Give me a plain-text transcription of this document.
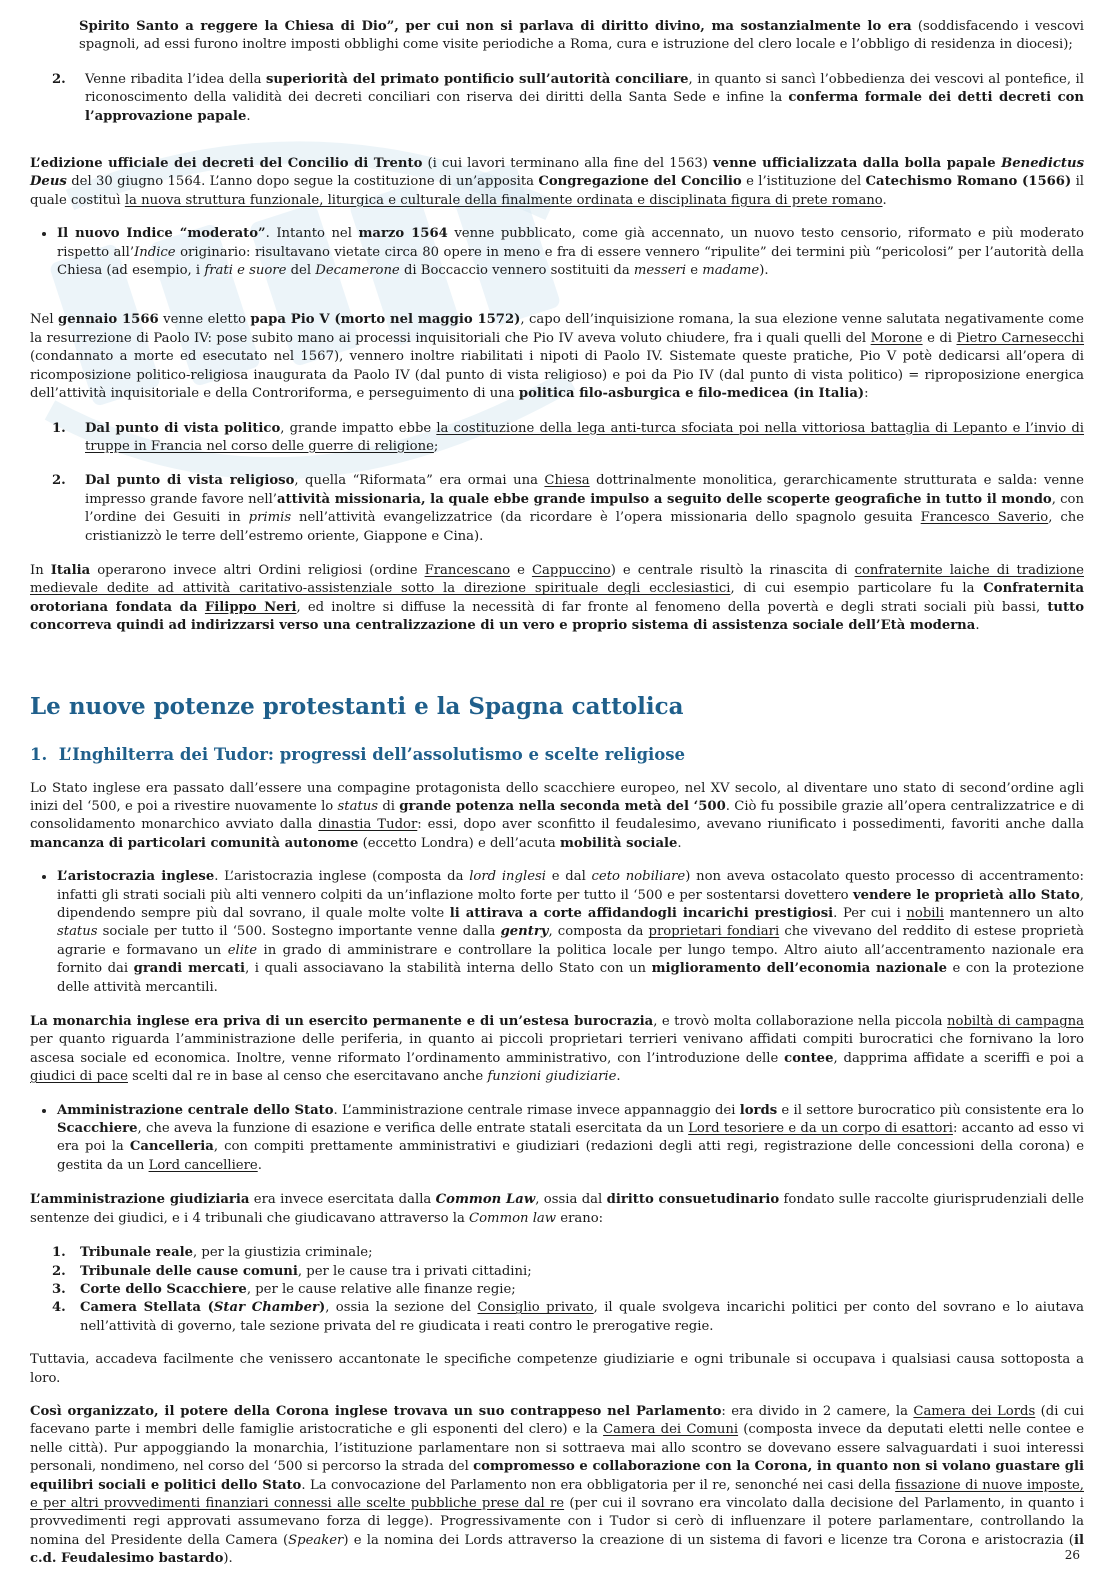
Spirito Santo a reggere la Chiesa di Dio”, per cui non si parlava di diritto divino, ma sostanzialmente lo era (soddisfacendo i vescovi spagnoli, ad essi furono inoltre imposti obblighi come visite periodiche a Roma, cura e istruzione del clero locale e l’obbligo di residenza in diocesi);

2. Venne ribadita l’idea della superiorità del primato pontificio sull’autorità conciliare, in quanto si sancì l’obbedienza dei vescovi al pontefice, il riconoscimento della validità dei decreti conciliari con riserva dei diritti della Santa Sede e infine la conferma formale dei detti decreti con l’approvazione papale.

L’edizione ufficiale dei decreti del Concilio di Trento (i cui lavori terminano alla fine del 1563) venne ufficializzata dalla bolla papale Benedictus Deus del 30 giugno 1564. L’anno dopo segue la costituzione di un’apposita Congregazione del Concilio e l’istituzione del Catechismo Romano (1566) il quale costituì la nuova struttura funzionale, liturgica e culturale della finalmente ordinata e disciplinata figura di prete romano.

Il nuovo Indice “moderato”. Intanto nel marzo 1564 venne pubblicato, come già accennato, un nuovo testo censorio, riformato e più moderato rispetto all’Indice originario: risultavano vietate circa 80 opere in meno e fra di essere vennero “ripulite” dei termini più “pericolosi” per l’autorità della Chiesa (ad esempio, i frati e suore del Decamerone di Boccaccio vennero sostituiti da messeri e madame).

Nel gennaio 1566 venne eletto papa Pio V (morto nel maggio 1572), capo dell’inquisizione romana, la sua elezione venne salutata negativamente come la resurrezione di Paolo IV: pose subito mano ai processi inquisitoriali che Pio IV aveva voluto chiudere, fra i quali quelli del Morone e di Pietro Carnesecchi (condannato a morte ed esecutato nel 1567), vennero inoltre riabilitati i nipoti di Paolo IV. Sistemate queste pratiche, Pio V potè dedicarsi all’opera di ricomposizione politico-religiosa inaugurata da Paolo IV (dal punto di vista religioso) e poi da Pio IV (dal punto di vista politico) = riproposizione energica dell’attività inquisitoriale e della Controriforma, e perseguimento di una politica filo-asburgica e filo-medicea (in Italia):

1. Dal punto di vista politico, grande impatto ebbe la costituzione della lega anti-turca sfociata poi nella vittoriosa battaglia di Lepanto e l’invio di truppe in Francia nel corso delle guerre di religione;

2. Dal punto di vista religioso, quella “Riformata” era ormai una Chiesa dottrinalmente monolitica, gerarchicamente strutturata e salda: venne impresso grande favore nell’attività missionaria, la quale ebbe grande impulso a seguito delle scoperte geografiche in tutto il mondo, con l’ordine dei Gesuiti in primis nell’attività evangelizzatrice (da ricordare è l’opera missionaria dello spagnolo gesuita Francesco Saverio, che cristianizzò le terre dell’estremo oriente, Giappone e Cina).

In Italia operarono invece altri Ordini religiosi (ordine Francescano e Cappuccino) e centrale risultò la rinascita di confraternite laiche di tradizione medievale dedite ad attività caritativo-assistenziale sotto la direzione spirituale degli ecclesiastici, di cui esempio particolare fu la Confraternita orotoriana fondata da Filippo Neri, ed inoltre si diffuse la necessità di far fronte al fenomeno della povertà e degli strati sociali più bassi, tutto concorreva quindi ad indirizzarsi verso una centralizzazione di un vero e proprio sistema di assistenza sociale dell’Età moderna.

Le nuove potenze protestanti e la Spagna cattolica
1. L’Inghilterra dei Tudor: progressi dell’assolutismo e scelte religiose

Lo Stato inglese era passato dall’essere una compagine protagonista dello scacchiere europeo, nel XV secolo, al diventare uno stato di second’ordine agli inizi del ‘500, e poi a rivestire nuovamente lo status di grande potenza nella seconda metà del ‘500. Ciò fu possibile grazie all’opera centralizzatrice e di consolidamento monarchico avviato dalla dinastia Tudor: essi, dopo aver sconfitto il feudalesimo, avevano riunificato i possedimenti, favoriti anche dalla mancanza di particolari comunità autonome (eccetto Londra) e dell’acuta mobilità sociale.

L’aristocrazia inglese. L’aristocrazia inglese (composta da lord inglesi e dal ceto nobiliare) non aveva ostacolato questo processo di accentramento: infatti gli strati sociali più alti vennero colpiti da un’inflazione molto forte per tutto il ‘500 e per sostentarsi dovettero vendere le proprietà allo Stato, dipendendo sempre più dal sovrano, il quale molte volte li attirava a corte affidandogli incarichi prestigiosi. Per cui i nobili mantennero un alto status sociale per tutto il ‘500. Sostegno importante venne dalla gentry, composta da proprietari fondiari che vivevano del reddito di estese proprietà agrarie e formavano un elite in grado di amministrare e controllare la politica locale per lungo tempo. Altro aiuto all’accentramento nazionale era fornito dai grandi mercati, i quali associavano la stabilità interna dello Stato con un miglioramento dell’economia nazionale e con la protezione delle attività mercantili.

La monarchia inglese era priva di un esercito permanente e di un’estesa burocrazia, e trovò molta collaborazione nella piccola nobiltà di campagna per quanto riguarda l’amministrazione delle periferia, in quanto ai piccoli proprietari terrieri venivano affidati compiti burocratici che fornivano la loro ascesa sociale ed economica. Inoltre, venne riformato l’ordinamento amministrativo, con l’introduzione delle contee, dapprima affidate a sceriffi e poi a giudici di pace scelti dal re in base al censo che esercitavano anche funzioni giudiziarie.

Amministrazione centrale dello Stato. L’amministrazione centrale rimase invece appannaggio dei lords e il settore burocratico più consistente era lo Scacchiere, che aveva la funzione di esazione e verifica delle entrate statali esercitata da un Lord tesoriere e da un corpo di esattori: accanto ad esso vi era poi la Cancelleria, con compiti prettamente amministrativi e giudiziari (redazioni degli atti regi, registrazione delle concessioni della corona) e gestita da un Lord cancelliere.

L’amministrazione giudiziaria era invece esercitata dalla Common Law, ossia dal diritto consuetudinario fondato sulle raccolte giurisprudenziali delle sentenze dei giudici, e i 4 tribunali che giudicavano attraverso la Common law erano:

1. Tribunale reale, per la giustizia criminale;

2. Tribunale delle cause comuni, per le cause tra i privati cittadini;

3. Corte dello Scacchiere, per le cause relative alle finanze regie;

4. Camera Stellata (Star Chamber), ossia la sezione del Consiglio privato, il quale svolgeva incarichi politici per conto del sovrano e lo aiutava nell’attività di governo, tale sezione privata del re giudicata i reati contro le prerogative regie.

Tuttavia, accadeva facilmente che venissero accantonate le specifiche competenze giudiziarie e ogni tribunale si occupava i qualsiasi causa sottoposta a loro.

Così organizzato, il potere della Corona inglese trovava un suo contrappeso nel Parlamento: era divido in 2 camere, la Camera dei Lords (di cui facevano parte i membri delle famiglie aristocratiche e gli esponenti del clero) e la Camera dei Comuni (composta invece da deputati eletti nelle contee e nelle città). Pur appoggiando la monarchia, l’istituzione parlamentare non si sottraeva mai allo scontro se dovevano essere salvaguardati i suoi interessi personali, nondimeno, nel corso del ‘500 si percorso la strada del compromesso e collaborazione con la Corona, in quanto non si volano guastare gli equilibri sociali e politici dello Stato. La convocazione del Parlamento non era obbligatoria per il re, senonché nei casi della fissazione di nuove imposte, e per altri provvedimenti finanziari connessi alle scelte pubbliche prese dal re (per cui il sovrano era vincolato dalla decisione del Parlamento, in quanto i provvedimenti regi approvati assumevano forza di legge). Progressivamente con i Tudor si cerò di influenzare il potere parlamentare, controllando la nomina del Presidente della Camera (Speaker) e la nomina dei Lords attraverso la creazione di un sistema di favori e licenze tra Corona e aristocrazia (il c.d. Feudalesimo bastardo).	26
